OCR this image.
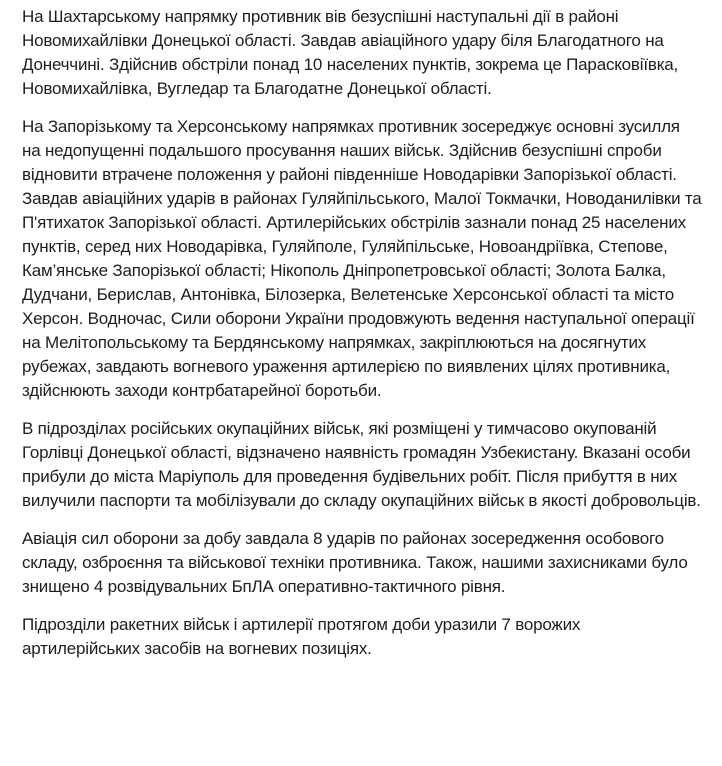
На Шахтарському напрямку противник вів безуспішні наступальні дії в районі Новомихайлівки Донецької області. Завдав авіаційного удару біля Благодатного на Донеччині. Здійснив обстріли понад 10 населених пунктів, зокрема це Парасковіївка, Новомихайлівка, Вугледар та Благодатне Донецької області.

На Запорізькому та Херсонському напрямках противник зосереджує основні зусилля на недопущенні подальшого просування наших військ. Здійснив безуспішні спроби відновити втрачене положення у районі південніше Новодарівки Запорізької області. Завдав авіаційних ударів в районах Гуляйпільського, Малої Токмачки, Новоданилівки та П'ятихаток Запорізької області. Артилерійських обстрілів зазнали понад 25 населених пунктів, серед них Новодарівка, Гуляйполе, Гуляйпільське, Новоандріївка, Степове, Кам’янське Запорізької області; Нікополь Дніпропетровської області; Золота Балка, Дудчани, Берислав, Антонівка, Білозерка, Велетенське Херсонської області та місто Херсон. Водночас, Сили оборони України продовжують ведення наступальної операції на Мелітопольському та Бердянському напрямках, закріплюються на досягнутих рубежах, завдають вогневого ураження артилерією по виявлених цілях противника, здійснюють заходи контрбатарейної боротьби.

В підрозділах російських окупаційних військ, які розміщені у тимчасово окупованій Горлівці Донецької області, відзначено наявність громадян Узбекистану. Вказані особи прибули до міста Маріуполь для проведення будівельних робіт. Після прибуття в них вилучили паспорти та мобілізували до складу окупаційних військ в якості добровольців.

Авіація сил оборони за добу завдала 8 ударів по районах зосередження особового складу, озброєння та військової техніки противника. Також, нашими захисниками було знищено 4 розвідувальних БпЛА оперативно-тактичного рівня.

Підрозділи ракетних військ і артилерії протягом доби уразили 7 ворожих артилерійських засобів на вогневих позиціях.
